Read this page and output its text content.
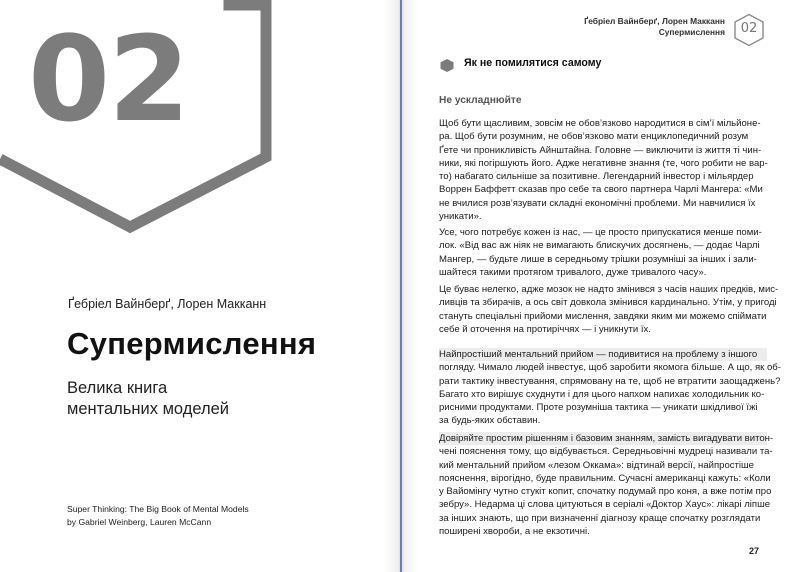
02
Ґебріел Вайнберґ, Лорен Макканн
Супермислення
Велика книга
ментальних моделей
Super Thinking: The Big Book of Mental Models
by Gabriel Weinberg, Lauren McCann
Ґебріел Вайнберґ, Лорен Макканн
Супермислення	02
Як не помилятися самому
Не ускладнюйте
Щоб бути щасливим, зовсім не обов’язково народитися в сім’ї мільйоне-
ра. Щоб бути розумним, не обов’язково мати енциклопедичний розум
Ґете чи проникливість Айнштайна. Головне — виключити із життя ті чин-
ники, які погіршують його. Адже негативне знання (те, чого робити не вар-
то) набагато сильніше за позитивне. Легендарний інвестор і мільярдер
Воррен Баффетт сказав про себе та свого партнера Чарлі Мангера: «Ми
не вчилися розв’язувати складні економічні проблеми. Ми навчилися їх
уникати».
Усе, чого потребує кожен із нас, — це просто припускатися менше поми-
лок. «Від вас аж ніяк не вимагають блискучих досягнень, — додає Чарлі
Мангер, — будьте лише в середньому трішки розумніші за інших і зали-
шайтеся такими протягом тривалого, дуже тривалого часу».
Це буває нелегко, адже мозок не надто змінився з часів наших предків, мис-
ливців та збирачів, а ось світ довкола змінився кардинально. Утім, у пригоді
стануть спеціальні прийоми мислення, завдяки яким ми можемо спіймати
себе й оточення на протиріччях — і уникнути їх.
Найпростіший ментальний прийом — подивитися на проблему з іншого
погляду. Чимало людей інвестує, щоб заробити якомога більше. А що, як об-
рати тактику інвестування, спрямовану на те, щоб не втратити заощаджень?
Багато хто вирішує схуднути і для цього напхом напихає холодильник ко-
рисними продуктами. Проте розумніша тактика — уникати шкідливої їжі
за будь-яких обставин.
Довіряйте простим рішенням і базовим знанням, замість вигадувати витон-
чені пояснення тому, що відбувається. Середньовічні мудреці називали та-
кий ментальний прийом «лезом Оккама»: відтинай версії, найпростіше
пояснення, вірогідно, буде правильним. Сучасні американці кажуть: «Коли
у Вайомінгу чутно стукіт копит, спочатку подумай про коня, а вже потім про
зебру». Недарма ці слова цитуються в серіалі «Доктор Хаус»: лікарі ліпше
за інших знають, що при визначенні діагнозу краще спочатку розглядати
поширені хвороби, а не екзотичні.
27
